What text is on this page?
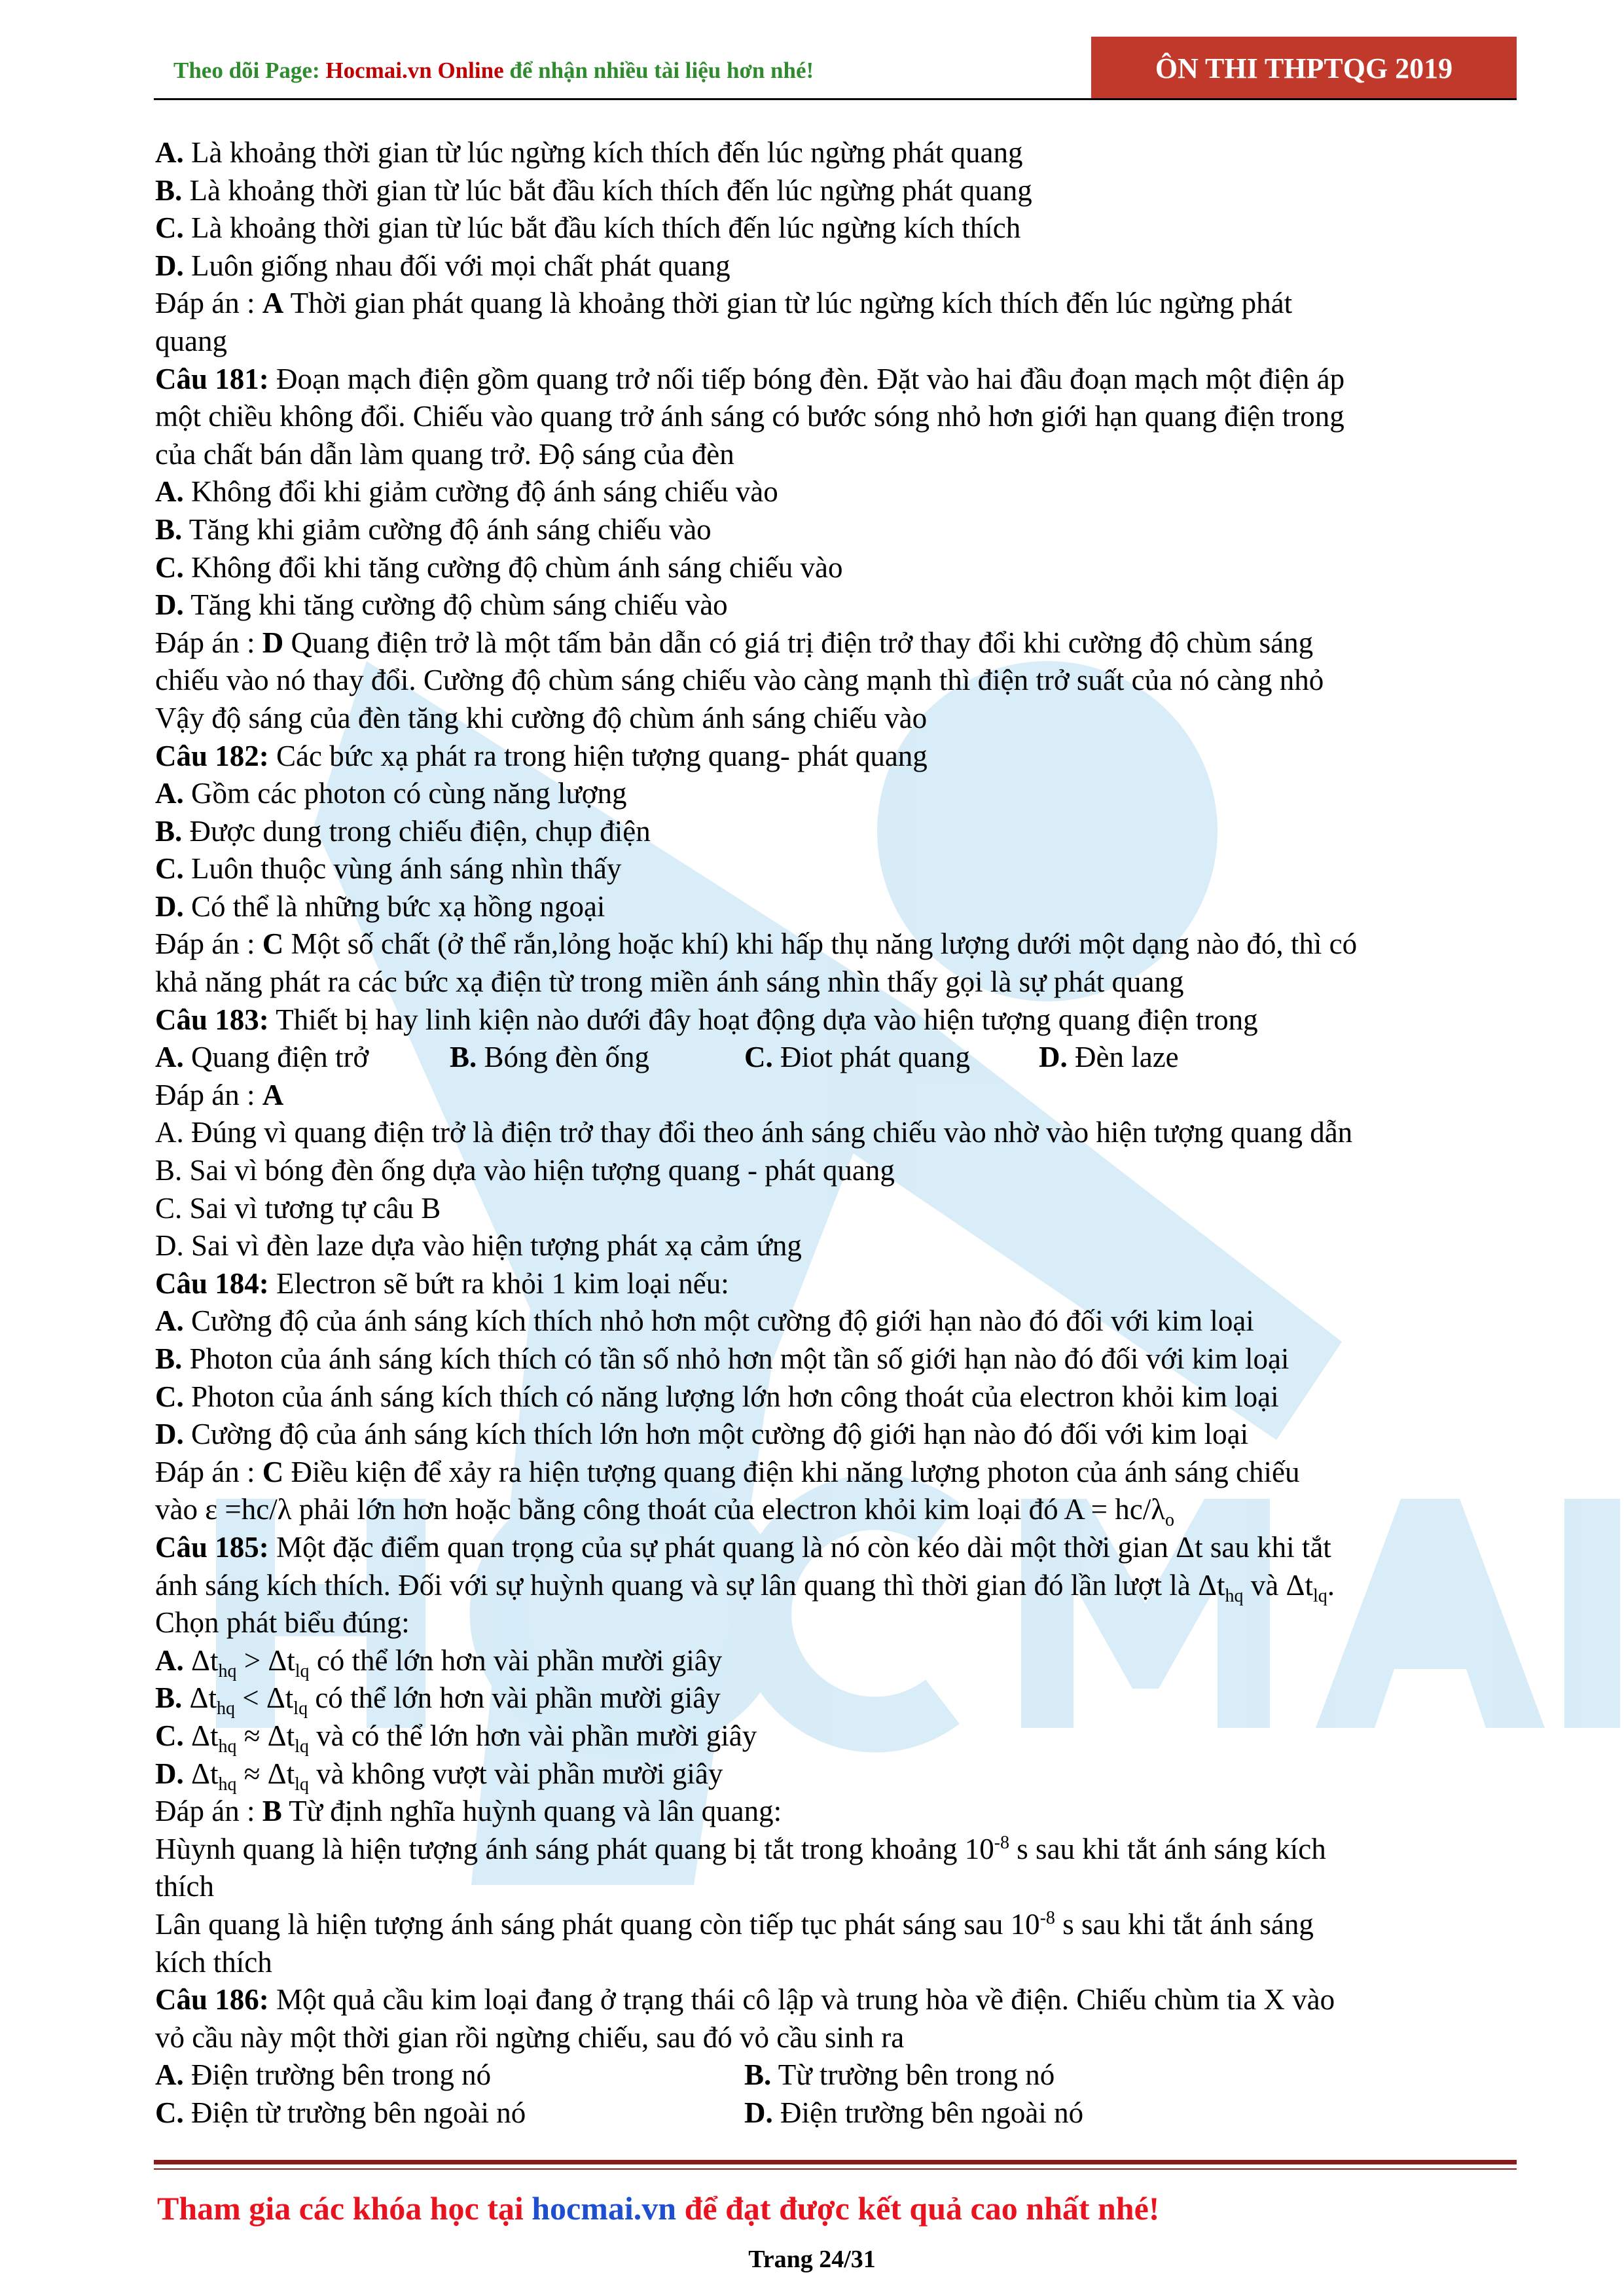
Theo dõi Page: Hocmai.vn Online để nhận nhiều tài liệu hơn nhé!	ÔN THI THPTQG 2019

A. Là khoảng thời gian từ lúc ngừng kích thích đến lúc ngừng phát quang

B. Là khoảng thời gian từ lúc bắt đầu kích thích đến lúc ngừng phát quang

C. Là khoảng thời gian từ lúc bắt đầu kích thích đến lúc ngừng kích thích

D. Luôn giống nhau đối với mọi chất phát quang

Đáp án : A Thời gian phát quang là khoảng thời gian từ lúc ngừng kích thích đến lúc ngừng phát

quang

Câu 181: Đoạn mạch điện gồm quang trở nối tiếp bóng đèn. Đặt vào hai đầu đoạn mạch một điện áp

một chiều không đổi. Chiếu vào quang trở ánh sáng có bước sóng nhỏ hơn giới hạn quang điện trong

của chất bán dẫn làm quang trở. Độ sáng của đèn

A. Không đổi khi giảm cường độ ánh sáng chiếu vào

B. Tăng khi giảm cường độ ánh sáng chiếu vào

C. Không đổi khi tăng cường độ chùm ánh sáng chiếu vào

D. Tăng khi tăng cường độ chùm sáng chiếu vào

Đáp án : D Quang điện trở là một tấm bản dẫn có giá trị điện trở thay đổi khi cường độ chùm sáng

chiếu vào nó thay đổi. Cường độ chùm sáng chiếu vào càng mạnh thì điện trở suất của nó càng nhỏ

Vậy độ sáng của đèn tăng khi cường độ chùm ánh sáng chiếu vào

Câu 182: Các bức xạ phát ra trong hiện tượng quang- phát quang

A. Gồm các photon có cùng năng lượng

B. Được dung trong chiếu điện, chụp điện

C. Luôn thuộc vùng ánh sáng nhìn thấy

D. Có thể là những bức xạ hồng ngoại

Đáp án : C Một số chất (ở thể rắn,lỏng hoặc khí) khi hấp thụ năng lượng dưới một dạng nào đó, thì có

khả năng phát ra các bức xạ điện từ trong miền ánh sáng nhìn thấy gọi là sự phát quang

Câu 183: Thiết bị hay linh kiện nào dưới đây hoạt động dựa vào hiện tượng quang điện trong

A. Quang điện trở	B. Bóng đèn ống	C. Điot phát quang	D. Đèn laze

Đáp án : A

A. Đúng vì quang điện trở là điện trở thay đổi theo ánh sáng chiếu vào nhờ vào hiện tượng quang dẫn

B. Sai vì bóng đèn ống dựa vào hiện tượng quang - phát quang

C. Sai vì tương tự câu B

D. Sai vì đèn laze dựa vào hiện tượng phát xạ cảm ứng

Câu 184: Electron sẽ bứt ra khỏi 1 kim loại nếu:

A. Cường độ của ánh sáng kích thích nhỏ hơn một cường độ giới hạn nào đó đối với kim loại

B. Photon của ánh sáng kích thích có tần số nhỏ hơn một tần số giới hạn nào đó đối với kim loại

C. Photon của ánh sáng kích thích có năng lượng lớn hơn công thoát của electron khỏi kim loại

D. Cường độ của ánh sáng kích thích lớn hơn một cường độ giới hạn nào đó đối với kim loại

Đáp án : C Điều kiện để xảy ra hiện tượng quang điện khi năng lượng photon của ánh sáng chiếu

vào ε =hc/λ phải lớn hơn hoặc bằng công thoát của electron khỏi kim loại đó $A = hc/\lambda_o$

Câu 185: Một đặc điểm quan trọng của sự phát quang là nó còn kéo dài một thời gian Δt sau khi tắt

ánh sáng kích thích. Đối với sự huỳnh quang và sự lân quang thì thời gian đó lần lượt là $\Delta t_{hq}$ và $\Delta t_{lq}$.

Chọn phát biểu đúng:

A. $\Delta t_{hq} > \Delta t_{lq}$ có thể lớn hơn vài phần mười giây

B. $\Delta t_{hq} < \Delta t_{lq}$ có thể lớn hơn vài phần mười giây

C. $\Delta t_{hq} \approx \Delta t_{lq}$ và có thể lớn hơn vài phần mười giây

D. $\Delta t_{hq} \approx \Delta t_{lq}$ và không vượt vài phần mười giây

Đáp án : B Từ định nghĩa huỳnh quang và lân quang:

Hùynh quang là hiện tượng ánh sáng phát quang bị tắt trong khoảng $10^{-8}$ s sau khi tắt ánh sáng kích

thích

Lân quang là hiện tượng ánh sáng phát quang còn tiếp tục phát sáng sau $10^{-8}$ s sau khi tắt ánh sáng

kích thích

Câu 186: Một quả cầu kim loại đang ở trạng thái cô lập và trung hòa về điện. Chiếu chùm tia X vào

vỏ cầu này một thời gian rồi ngừng chiếu, sau đó vỏ cầu sinh ra

A. Điện trường bên trong nó	B. Từ trường bên trong nó
C. Điện từ trường bên ngoài nó	D. Điện trường bên ngoài nó
Tham gia các khóa học tại hocmai.vn để đạt được kết quả cao nhất nhé!
Trang 24/31
